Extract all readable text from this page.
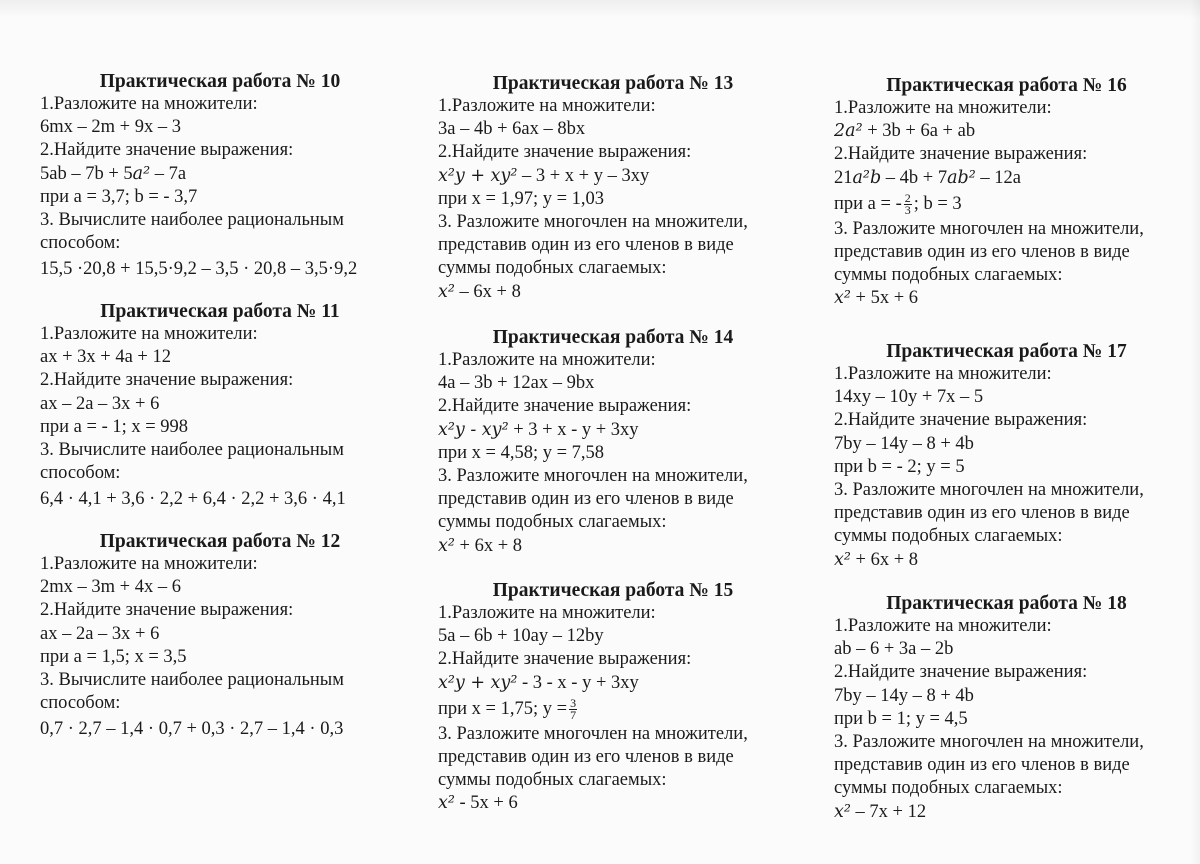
Практическая работа № 10

1.Разложите на множители:

6mx – 2m + 9x – 3

2.Найдите значение выражения:

5ab – 7b + 5a² – 7a

при a = 3,7; b = - 3,7

3. Вычислите наиболее рациональным

способом:

15,5 ·20,8 + 15,5·9,2 – 3,5 · 20,8 – 3,5·9,2

Практическая работа № 11

1.Разложите на множители:

ax + 3x + 4a + 12

2.Найдите значение выражения:

ax – 2a – 3x + 6

при a = - 1; x = 998

3. Вычислите наиболее рациональным

способом:

6,4 · 4,1 + 3,6 · 2,2 + 6,4 · 2,2 + 3,6 · 4,1

Практическая работа № 12

1.Разложите на множители:

2mx – 3m + 4x – 6

2.Найдите значение выражения:

ax – 2a – 3x + 6

при a = 1,5; x = 3,5

3. Вычислите наиболее рациональным

способом:

0,7 · 2,7 – 1,4 · 0,7 + 0,3 · 2,7 – 1,4 · 0,3

Практическая работа № 13

1.Разложите на множители:

3a – 4b + 6ax – 8bx

2.Найдите значение выражения:

x²y + xy² – 3 + x + y – 3xy

при x = 1,97; y = 1,03

3. Разложите многочлен на множители,

представив один из его членов в виде

суммы подобных слагаемых:

x² – 6x + 8

Практическая работа № 14

1.Разложите на множители:

4a – 3b + 12ax – 9bx

2.Найдите значение выражения:

x²y - xy² + 3 + x - y + 3xy

при x = 4,58; y = 7,58

3. Разложите многочлен на множители,

представив один из его членов в виде

суммы подобных слагаемых:

x² + 6x + 8

Практическая работа № 15

1.Разложите на множители:

5a – 6b + 10ay – 12by

2.Найдите значение выражения:

x²y + xy² - 3 - x - y + 3xy

при x = 1,75; $y = \frac{3}{7}$

3. Разложите многочлен на множители,

представив один из его членов в виде

суммы подобных слагаемых:

x² - 5x + 6

Практическая работа № 16

1.Разложите на множители:

2a² + 3b + 6a + ab

2.Найдите значение выражения:

21a²b – 4b + 7ab² – 12a

при a = - $\frac{2}{3}$ ; b = 3

3. Разложите многочлен на множители,

представив один из его членов в виде

суммы подобных слагаемых:

x² + 5x + 6

Практическая работа № 17

1.Разложите на множители:

14xy – 10y + 7x – 5

2.Найдите значение выражения:

7by – 14y – 8 + 4b

при b = - 2; y = 5

3. Разложите многочлен на множители,

представив один из его членов в виде

суммы подобных слагаемых:

x² + 6x + 8

Практическая работа № 18

1.Разложите на множители:

ab – 6 + 3a – 2b

2.Найдите значение выражения:

7by – 14y – 8 + 4b

при b = 1; y = 4,5

3. Разложите многочлен на множители,

представив один из его членов в виде

суммы подобных слагаемых:

x² – 7x + 12
